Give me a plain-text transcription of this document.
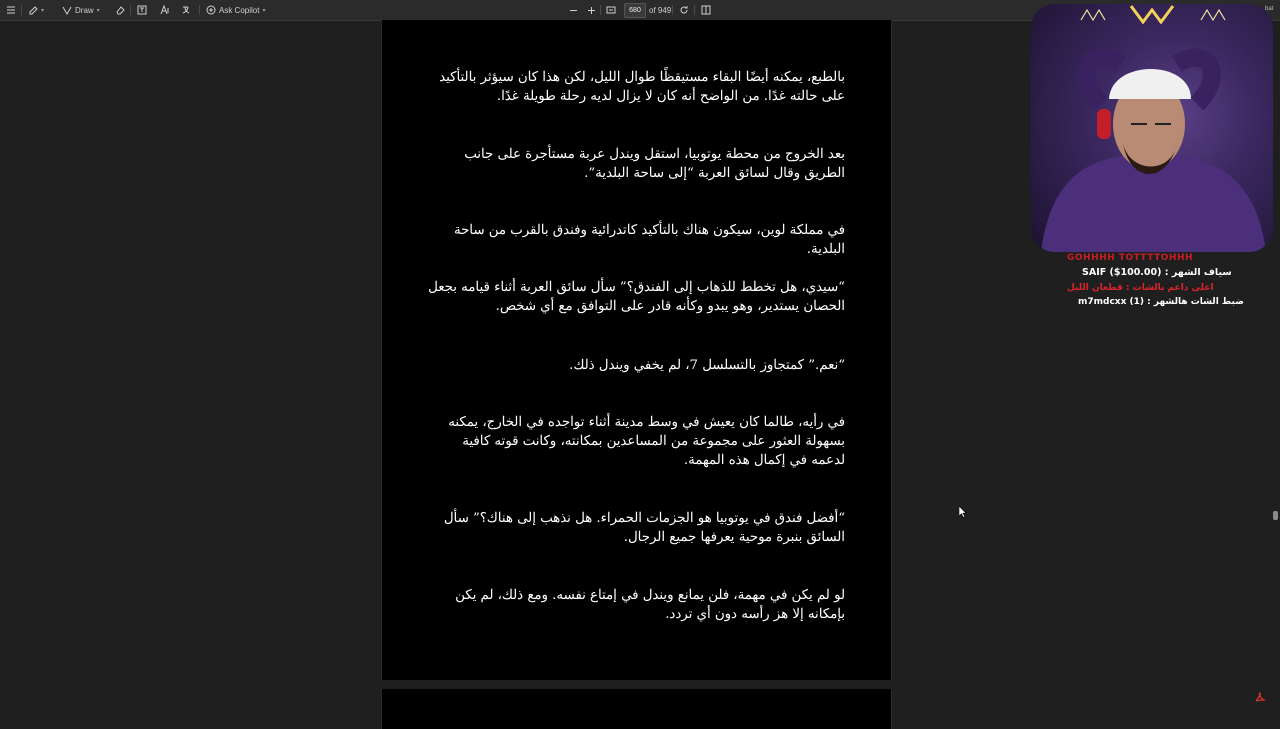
▾	Draw ▾	Ask Copilot ▾
680	of 949

بالطبع، يمكنه أيضًا البقاء مستيقظًا طوال الليل، لكن هذا كان سيؤثر بالتأكيد على حالته غدًا. من الواضح أنه كان لا يزال لديه رحلة طويلة غدًا.

بعد الخروج من محطة يوتوبيا، استقل ويندل عربة مستأجرة على جانب الطريق وقال لسائق العربة “إلى ساحة البلدية”.

في مملكة لوين، سيكون هناك بالتأكيد كاتدرائية وفندق بالقرب من ساحة البلدية.

“سيدي، هل تخطط للذهاب إلى الفندق؟” سأل سائق العربة أثناء قيامه بجعل الحصان يستدير، وهو يبدو وكأنه قادر على التوافق مع أي شخص.

“نعم.” كمتجاوز بالتسلسل 7، لم يخفي ويندل ذلك.

في رأيه، طالما كان يعيش في وسط مدينة أثناء تواجده في الخارج، يمكنه بسهولة العثور على مجموعة من المساعدين بمكانته، وكانت قوته كافية لدعمه في إكمال هذه المهمة.

“أفضل فندق في يوتوبيا هو الجزمات الحمراء. هل نذهب إلى هناك؟” سأل السائق بنبرة موحية يعرفها جميع الرجال.

لو لم يكن في مهمة، فلن يمانع ويندل في إمتاع نفسه. ومع ذلك، لم يكن بإمكانه إلا هز رأسه دون أي تردد.

bat
GOHHHH TOTTTTOHHH
سياف الشهر : SAIF ($100.00)
اعلى داعم بالشات : قطعان الليل
ضبط الشات هالشهر : m7mdcxx (1)
